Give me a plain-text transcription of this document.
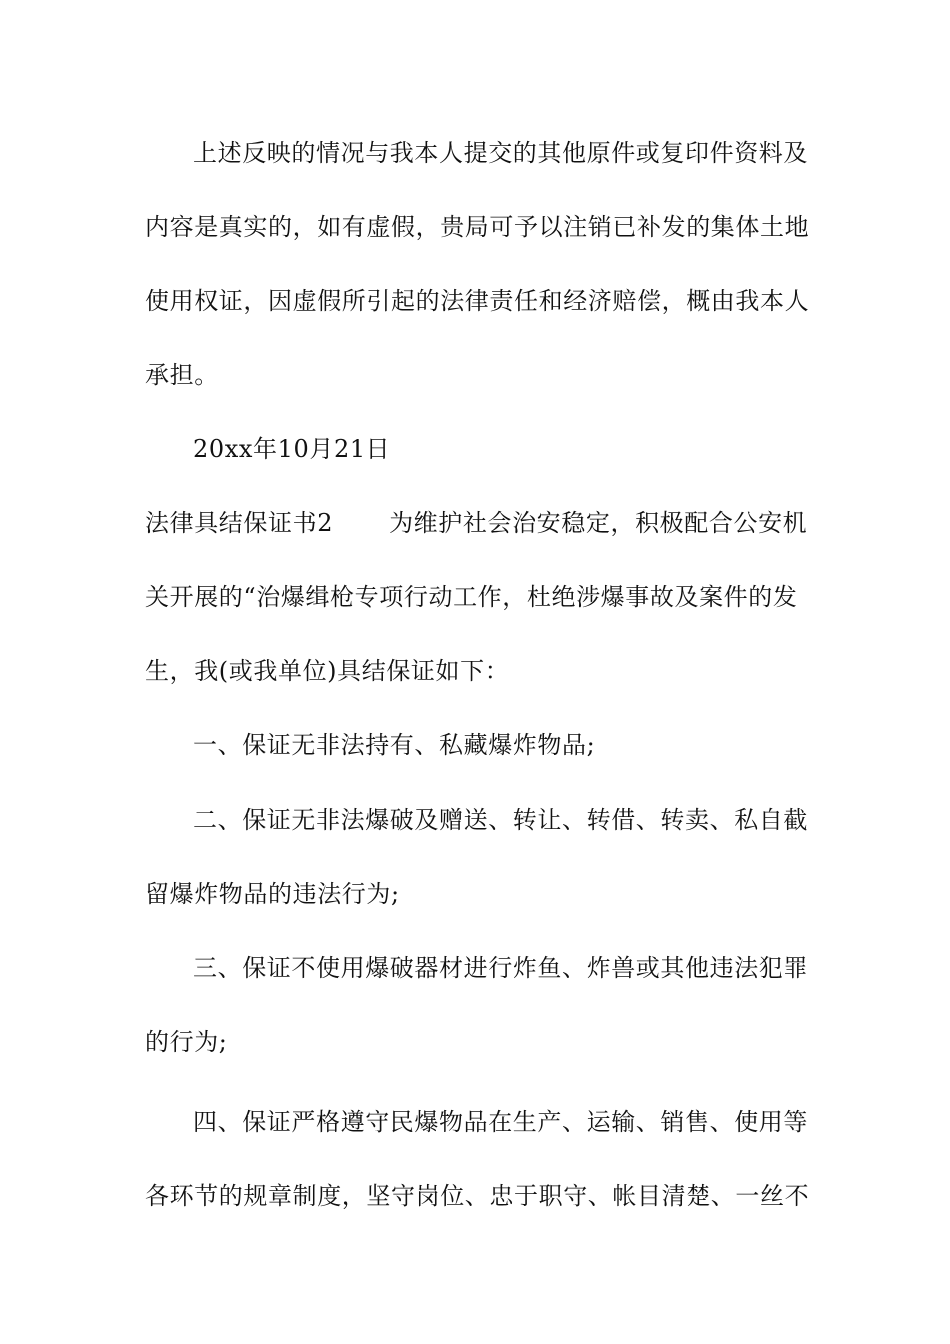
上述反映的情况与我本人提交的其他原件或复印件资料及
内容是真实的，如有虚假，贵局可予以注销已补发的集体土地
使用权证，因虚假所引起的法律责任和经济赔偿，概由我本人
承担。
20xx年10月21日
法律具结保证书2 为维护社会治安稳定，积极配合公安机
关开展的“治爆缉枪专项行动工作，杜绝涉爆事故及案件的发
生，我(或我单位)具结保证如下：
一、保证无非法持有、私藏爆炸物品;
二、保证无非法爆破及赠送、转让、转借、转卖、私自截
留爆炸物品的违法行为;
三、保证不使用爆破器材进行炸鱼、炸兽或其他违法犯罪
的行为;
四、保证严格遵守民爆物品在生产、运输、销售、使用等
各环节的规章制度，坚守岗位、忠于职守、帐目清楚、一丝不
